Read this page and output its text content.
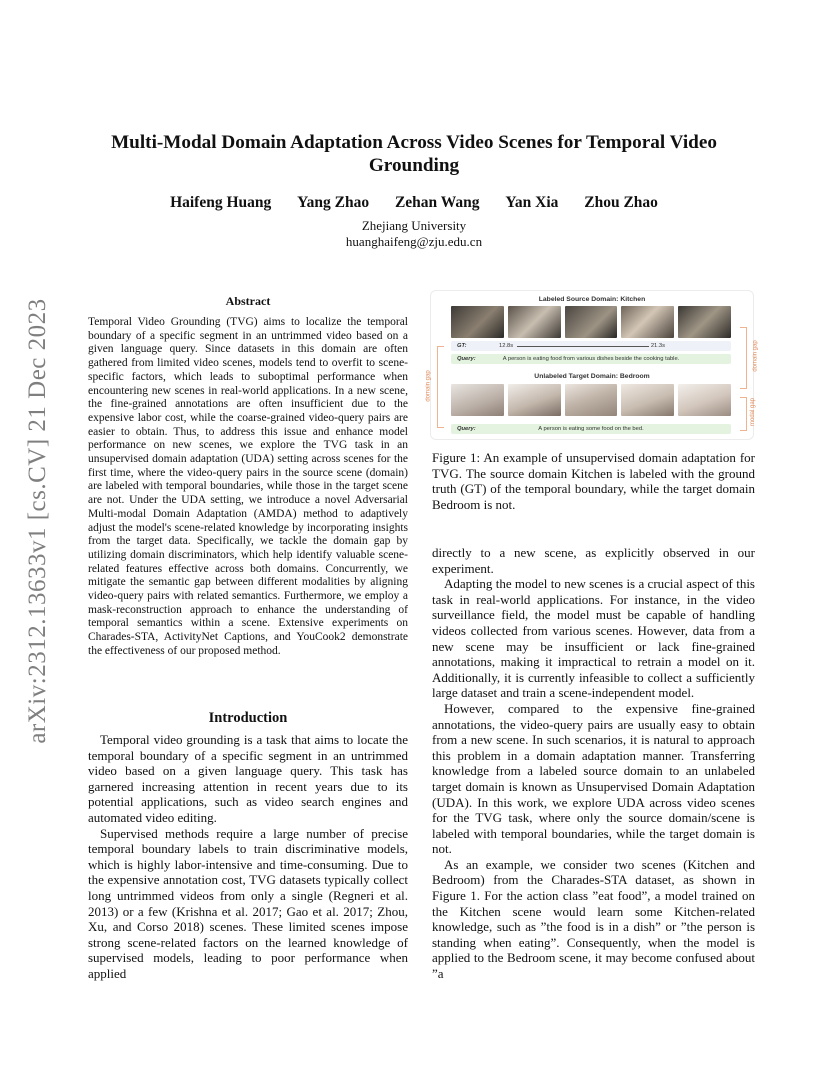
arXiv:2312.13633v1 [cs.CV] 21 Dec 2023
Multi-Modal Domain Adaptation Across Video Scenes for Temporal Video Grounding
Haifeng Huang Yang Zhao Zehan Wang Yan Xia Zhou Zhao
Zhejiang University
huanghaifeng@zju.edu.cn
Abstract

Temporal Video Grounding (TVG) aims to localize the temporal boundary of a specific segment in an untrimmed video based on a given language query. Since datasets in this domain are often gathered from limited video scenes, models tend to overfit to scene-specific factors, which leads to suboptimal performance when encountering new scenes in real-world applications. In a new scene, the fine-grained annotations are often insufficient due to the expensive labor cost, while the coarse-grained video-query pairs are easier to obtain. Thus, to address this issue and enhance model performance on new scenes, we explore the TVG task in an unsupervised domain adaptation (UDA) setting across scenes for the first time, where the video-query pairs in the source scene (domain) are labeled with temporal boundaries, while those in the target scene are not. Under the UDA setting, we introduce a novel Adversarial Multi-modal Domain Adaptation (AMDA) method to adaptively adjust the model's scene-related knowledge by incorporating insights from the target data. Specifically, we tackle the domain gap by utilizing domain discriminators, which help identify valuable scene-related features effective across both domains. Concurrently, we mitigate the semantic gap between different modalities by aligning video-query pairs with related semantics. Furthermore, we employ a mask-reconstruction approach to enhance the understanding of temporal semantics within a scene. Extensive experiments on Charades-STA, ActivityNet Captions, and YouCook2 demonstrate the effectiveness of our proposed method.

Introduction

Temporal video grounding is a task that aims to locate the temporal boundary of a specific segment in an untrimmed video based on a given language query. This task has garnered increasing attention in recent years due to its potential applications, such as video search engines and automated video editing.

Supervised methods require a large number of precise temporal boundary labels to train discriminative models, which is highly labor-intensive and time-consuming. Due to the expensive annotation cost, TVG datasets typically collect long untrimmed videos from only a single (Regneri et al. 2013) or a few (Krishna et al. 2017; Gao et al. 2017; Zhou, Xu, and Corso 2018) scenes. These limited scenes impose strong scene-related factors on the learned knowledge of supervised models, leading to poor performance when applied

Labeled Source Domain: Kitchen
GT:	12.8s	21.3s
Query:	A person is eating food from various dishes beside the cooking table.
Unlabeled Target Domain: Bedroom
Query:	A person is eating some food on the bed.
domain gap
domain gap
modal gap
Figure 1: An example of unsupervised domain adaptation for TVG. The source domain Kitchen is labeled with the ground truth (GT) of the temporal boundary, while the target domain Bedroom is not.

directly to a new scene, as explicitly observed in our experiment.

Adapting the model to new scenes is a crucial aspect of this task in real-world applications. For instance, in the video surveillance field, the model must be capable of handling videos collected from various scenes. However, data from a new scene may be insufficient or lack fine-grained annotations, making it impractical to retrain a model on it. Additionally, it is currently infeasible to collect a sufficiently large dataset and train a scene-independent model.

However, compared to the expensive fine-grained annotations, the video-query pairs are usually easy to obtain from a new scene. In such scenarios, it is natural to approach this problem in a domain adaptation manner. Transferring knowledge from a labeled source domain to an unlabeled target domain is known as Unsupervised Domain Adaptation (UDA). In this work, we explore UDA across video scenes for the TVG task, where only the source domain/scene is labeled with temporal boundaries, while the target domain is not.

As an example, we consider two scenes (Kitchen and Bedroom) from the Charades-STA dataset, as shown in Figure 1. For the action class ”eat food”, a model trained on the Kitchen scene would learn some Kitchen-related knowledge, such as ”the food is in a dish” or ”the person is standing when eating”. Consequently, when the model is applied to the Bedroom scene, it may become confused about ”a
